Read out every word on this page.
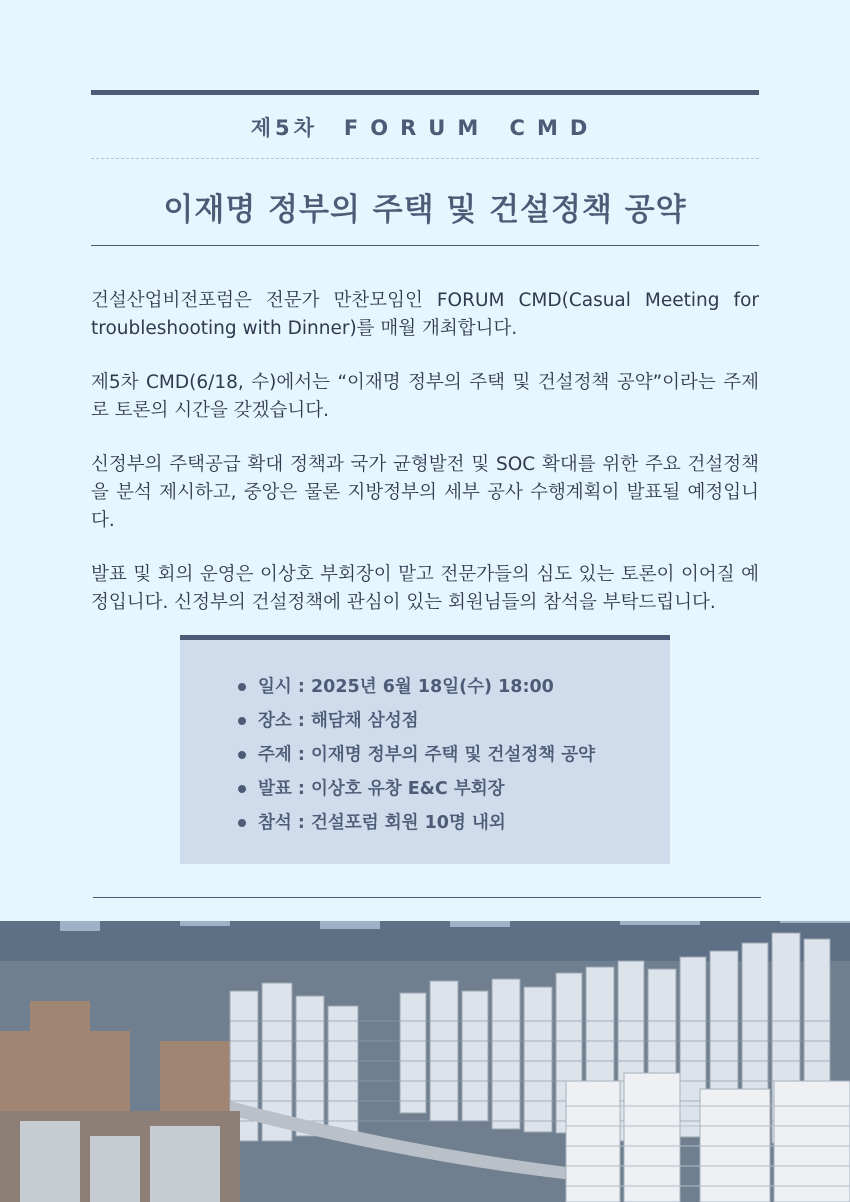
제5차 FORUM CMD
이재명 정부의 주택 및 건설정책 공약

건설산업비전포럼은 전문가 만찬모임인 FORUM CMD(Casual Meeting for troubleshooting with Dinner)를 매월 개최합니다.

제5차 CMD(6/18, 수)에서는 “이재명 정부의 주택 및 건설정책 공약”이라는 주제로 토론의 시간을 갖겠습니다.

신정부의 주택공급 확대 정책과 국가 균형발전 및 SOC 확대를 위한 주요 건설정책을 분석 제시하고, 중앙은 물론 지방정부의 세부 공사 수행계획이 발표될 예정입니다.

발표 및 회의 운영은 이상호 부회장이 맡고 전문가들의 심도 있는 토론이 이어질 예정입니다. 신정부의 건설정책에 관심이 있는 회원님들의 참석을 부탁드립니다.

일시 : 2025년 6월 18일(수) 18:00
장소 : 해담채 삼성점
주제 : 이재명 정부의 주택 및 건설정책 공약
발표 : 이상호 유창 E&C 부회장
참석 : 건설포럼 회원 10명 내외
